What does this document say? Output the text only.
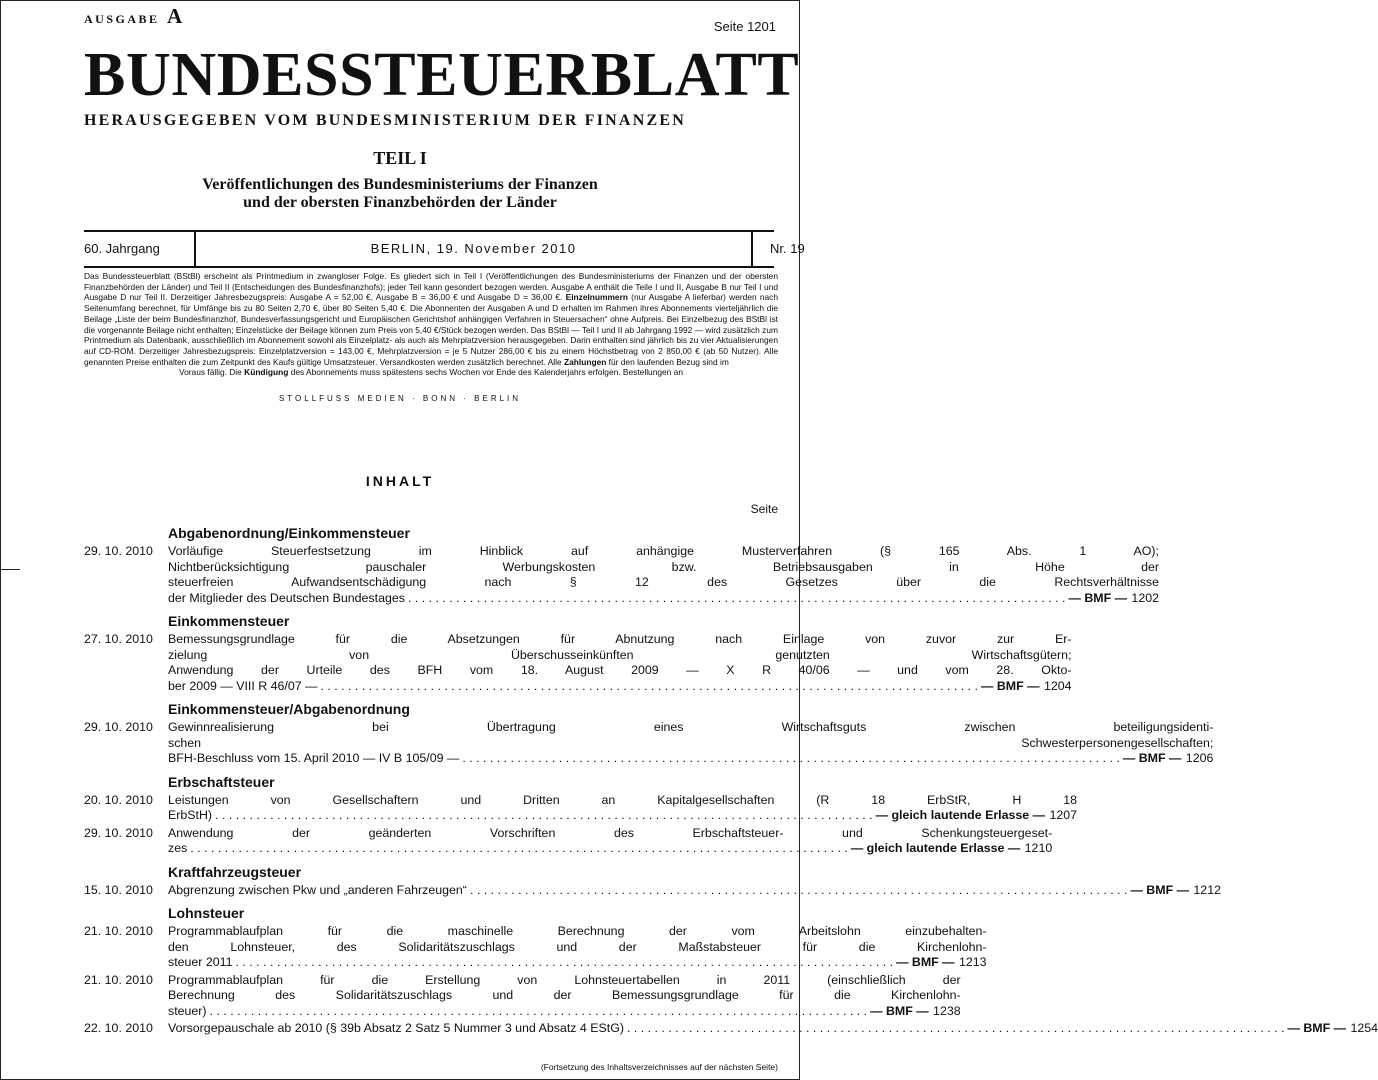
AUSGABE A	Seite 1201
BUNDESSTEUERBLATT
HERAUSGEGEBEN VOM BUNDESMINISTERIUM DER FINANZEN
TEIL I
Veröffentlichungen des Bundesministeriums der Finanzen
und der obersten Finanzbehörden der Länder
60. Jahrgang	BERLIN, 19. November 2010	Nr. 19
Das Bundessteuerblatt (BStBl) erscheint als Printmedium in zwangloser Folge. Es gliedert sich in Teil I (Veröffentlichungen des Bundesministeriums der Finanzen und der obersten Finanzbehörden der Länder) und Teil II (Entscheidungen des Bundesfinanzhofs); jeder Teil kann gesondert bezogen werden. Ausgabe A enthält die Teile I und II, Ausgabe B nur Teil I und Ausgabe D nur Teil II. Derzeitiger Jahresbezugspreis: Ausgabe A = 52,00 €, Ausgabe B = 36,00 € und Ausgabe D = 36,00 €. Einzelnummern (nur Ausgabe A lieferbar) werden nach Seitenumfang berechnet, für Umfänge bis zu 80 Seiten 2,70 €, über 80 Seiten 5,40 €. Die Abonnenten der Ausgaben A und D erhalten im Rahmen ihres Abonnements vierteljährlich die Beilage „Liste der beim Bundesfinanzhof, Bundesverfassungsgericht und Europäischen Gerichtshof anhängigen Verfahren in Steuersachen“ ohne Aufpreis. Bei Einzelbezug des BStBl ist die vorgenannte Beilage nicht enthalten; Einzelstücke der Beilage können zum Preis von 5,40 €/Stück bezogen werden. Das BStBl — Teil I und II ab Jahrgang 1992 — wird zusätzlich zum Printmedium als Datenbank, ausschließlich im Abonnement sowohl als Einzelplatz- als auch als Mehrplatzversion herausgegeben. Darin enthalten sind jährlich bis zu vier Aktualisierungen auf CD-ROM. Derzeitiger Jahresbezugspreis: Einzelplatzversion = 143,00 €, Mehrplatzversion = je 5 Nutzer 286,00 € bis zu einem Höchstbetrag von 2 850,00 € (ab 50 Nutzer). Alle genannten Preise enthalten die zum Zeitpunkt des Kaufs gültige Umsatzsteuer. Versandkosten werden zusätzlich berechnet. Alle Zahlungen für den laufenden Bezug sind im
Voraus fällig. Die Kündigung des Abonnements muss spätestens sechs Wochen vor Ende des Kalenderjahrs erfolgen. Bestellungen an
STOLLFUSS MEDIEN · BONN · BERLIN
INHALT
Seite
Abgabenordnung/Einkommensteuer
29. 10. 2010	Vorläufige Steuerfestsetzung im Hinblick auf anhängige Musterverfahren (§ 165 Abs. 1 AO);
Nichtberücksichtigung pauschaler Werbungskosten bzw. Betriebsausgaben in Höhe der
steuerfreien Aufwandsentschädigung nach § 12 des Gesetzes über die Rechtsverhältnisse
der Mitglieder des Deutschen Bundestages . . .	— BMF — 1202
Einkommensteuer
27. 10. 2010	Bemessungsgrundlage für die Absetzungen für Abnutzung nach Einlage von zuvor zur Er-
zielung von Überschusseinkünften genutzten Wirtschaftsgütern;
Anwendung der Urteile des BFH vom 18. August 2009 — X R 40/06 — und vom 28. Okto-
ber 2009 — VIII R 46/07 — . . .	— BMF — 1204
Einkommensteuer/Abgabenordnung
29. 10. 2010	Gewinnrealisierung bei Übertragung eines Wirtschaftsguts zwischen beteiligungsidenti-
schen Schwesterpersonengesellschaften;
BFH-Beschluss vom 15. April 2010 — IV B 105/09 — . . .	— BMF — 1206
Erbschaftsteuer
20. 10. 2010	Leistungen von Gesellschaftern und Dritten an Kapitalgesellschaften (R 18 ErbStR, H 18
ErbStH) . . .	— gleich lautende Erlasse — 1207
29. 10. 2010	Anwendung der geänderten Vorschriften des Erbschaftsteuer- und Schenkungsteuergeset-
zes . . .	— gleich lautende Erlasse — 1210
Kraftfahrzeugsteuer
15. 10. 2010	Abgrenzung zwischen Pkw und „anderen Fahrzeugen“ . . .	— BMF — 1212
Lohnsteuer
21. 10. 2010	Programmablaufplan für die maschinelle Berechnung der vom Arbeitslohn einzubehalten-
den Lohnsteuer, des Solidaritätszuschlags und der Maßstabsteuer für die Kirchenlohn-
steuer 2011 . . .	— BMF — 1213
21. 10. 2010	Programmablaufplan für die Erstellung von Lohnsteuertabellen in 2011 (einschließlich der
Berechnung des Solidaritätszuschlags und der Bemessungsgrundlage für die Kirchenlohn-
steuer) . . .	— BMF — 1238
22. 10. 2010	Vorsorgepauschale ab 2010 (§ 39b Absatz 2 Satz 5 Nummer 3 und Absatz 4 EStG) . . .	— BMF — 1254
(Fortsetzung des Inhaltsverzeichnisses auf der nächsten Seite)
